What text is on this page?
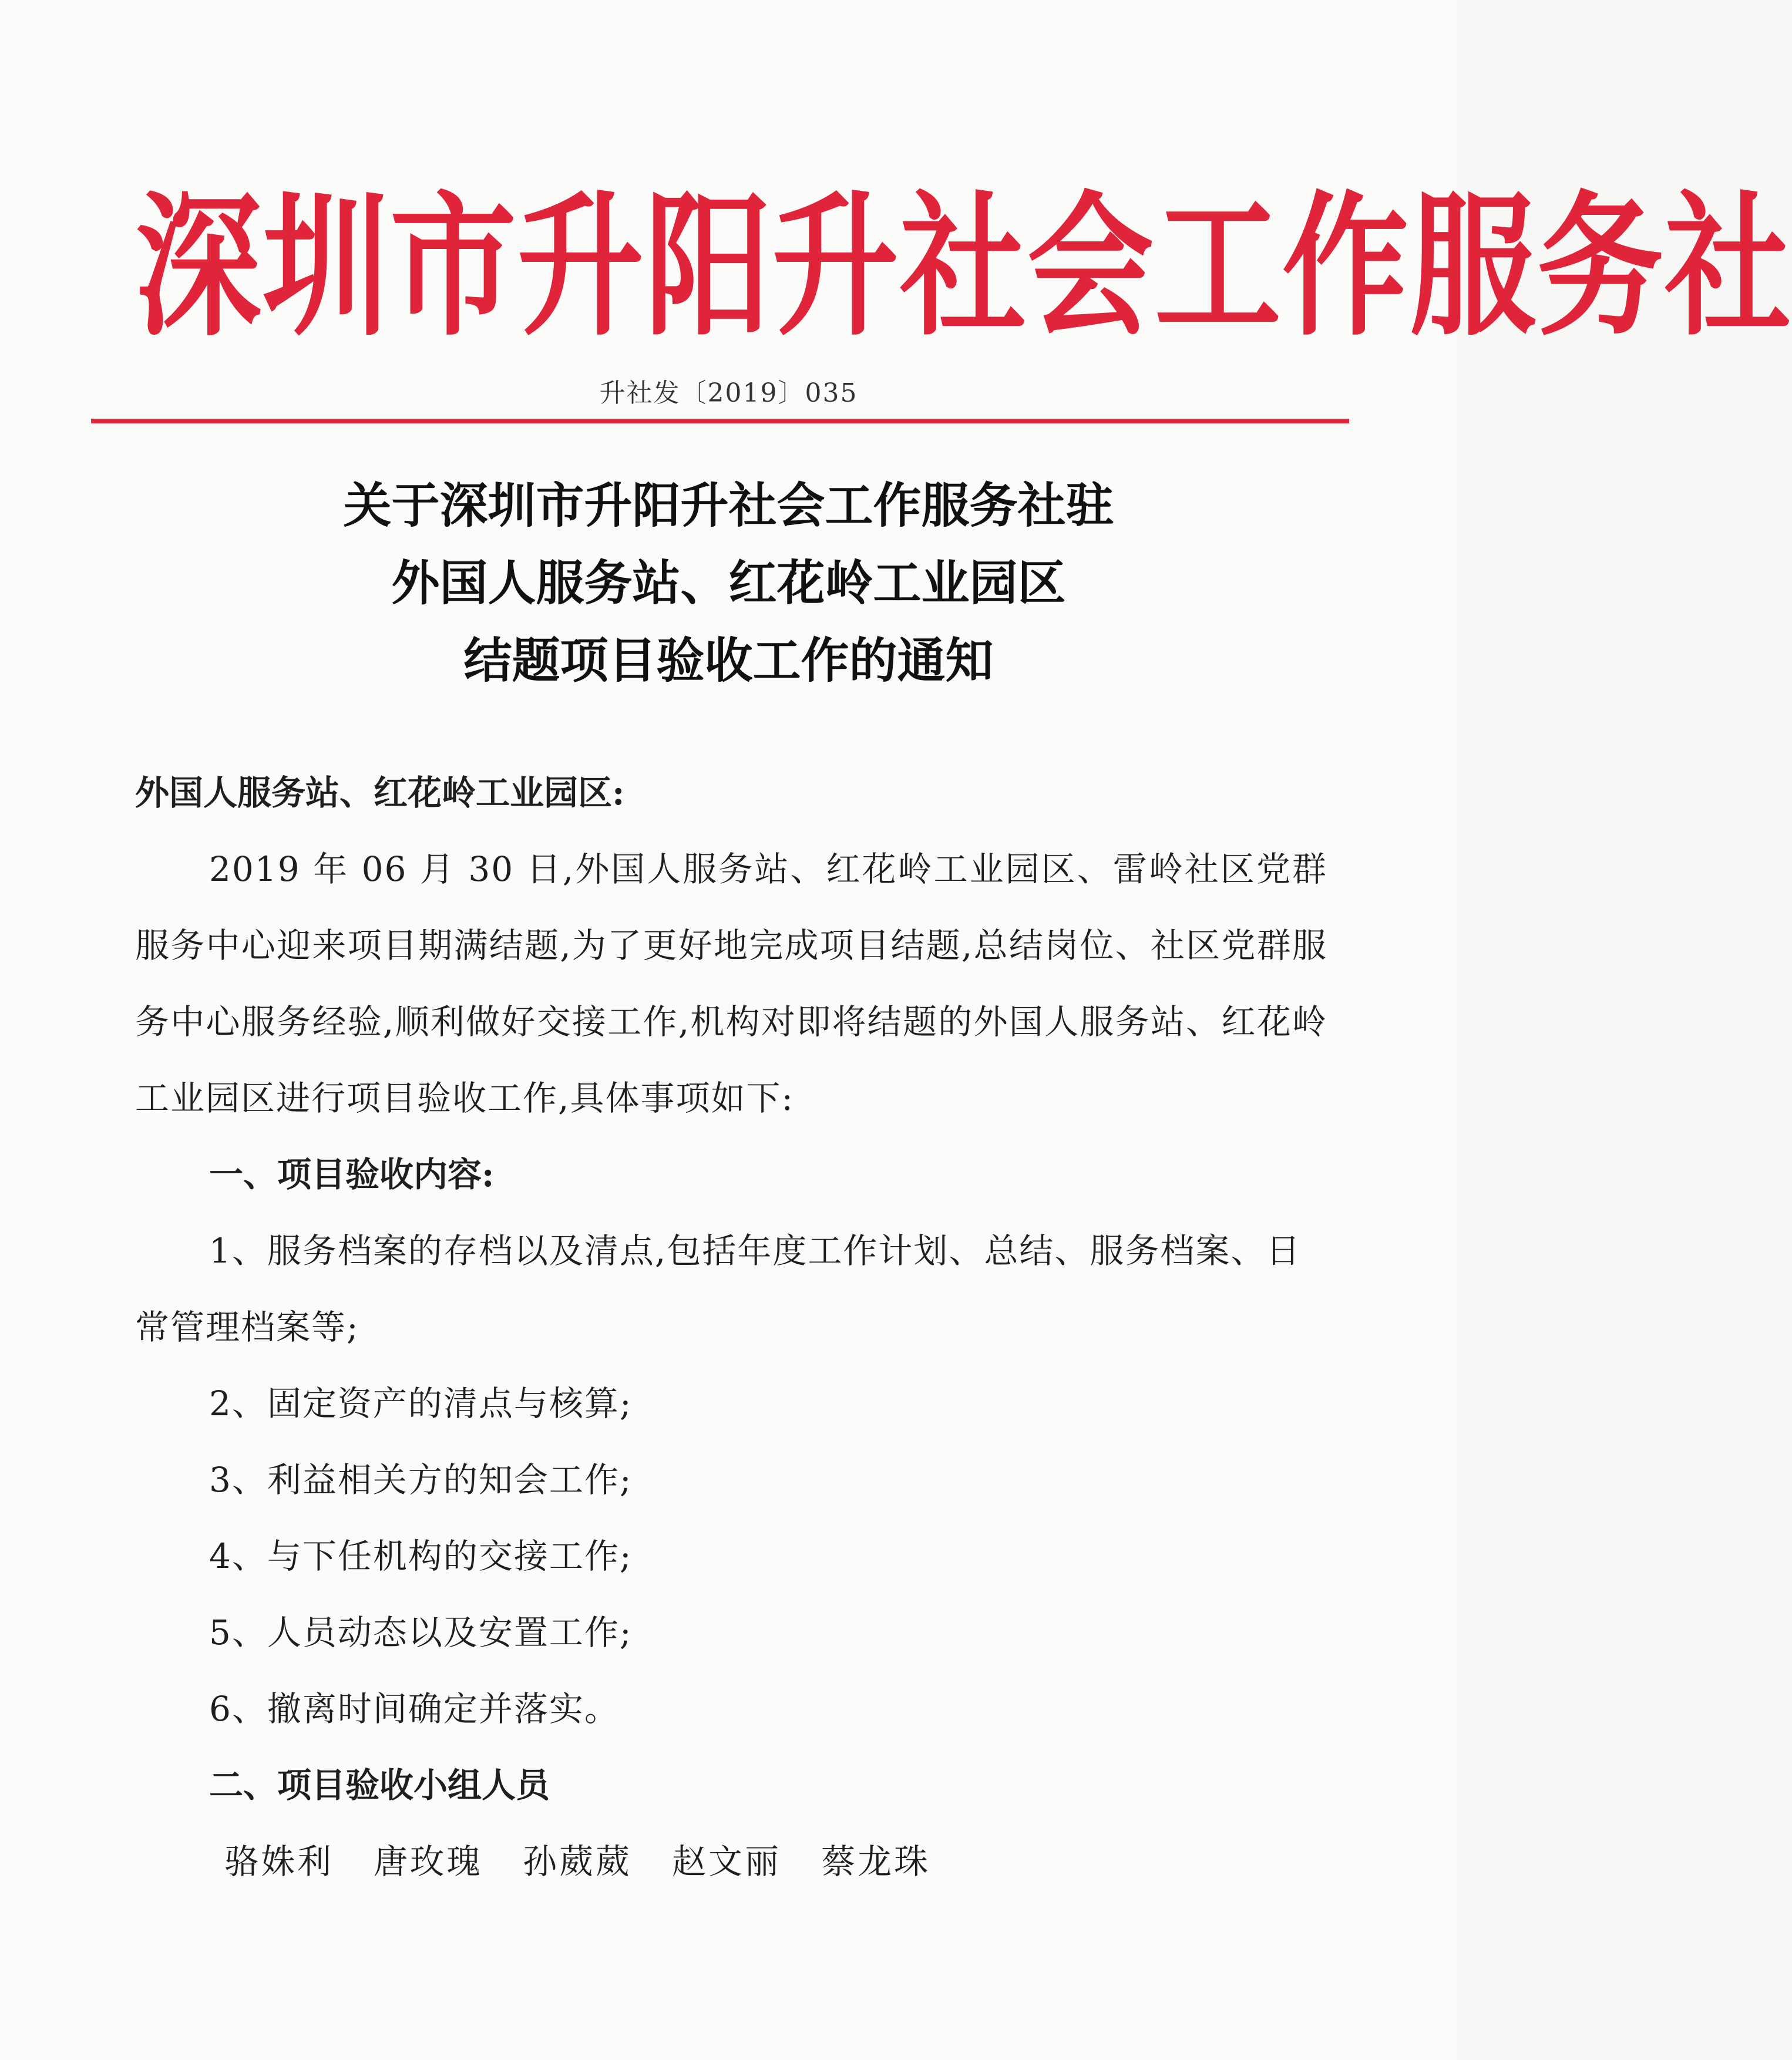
深圳市升阳升社会工作服务社
升社发〔2019〕035
关于深圳市升阳升社会工作服务社驻
外国人服务站、红花岭工业园区
结题项目验收工作的通知

外国人服务站、红花岭工业园区:

2019 年 06 月 30 日,外国人服务站、红花岭工业园区、雷岭社区党群服务中心迎来项目期满结题,为了更好地完成项目结题,总结岗位、社区党群服务中心服务经验,顺利做好交接工作,机构对即将结题的外国人服务站、红花岭工业园区进行项目验收工作,具体事项如下:

一、项目验收内容:

1、服务档案的存档以及清点,包括年度工作计划、总结、服务档案、日常管理档案等;

2、固定资产的清点与核算;

3、利益相关方的知会工作;

4、与下任机构的交接工作;

5、人员动态以及安置工作;

6、撤离时间确定并落实。

二、项目验收小组人员

骆姝利 唐玫瑰 孙葳葳 赵文丽 蔡龙珠
